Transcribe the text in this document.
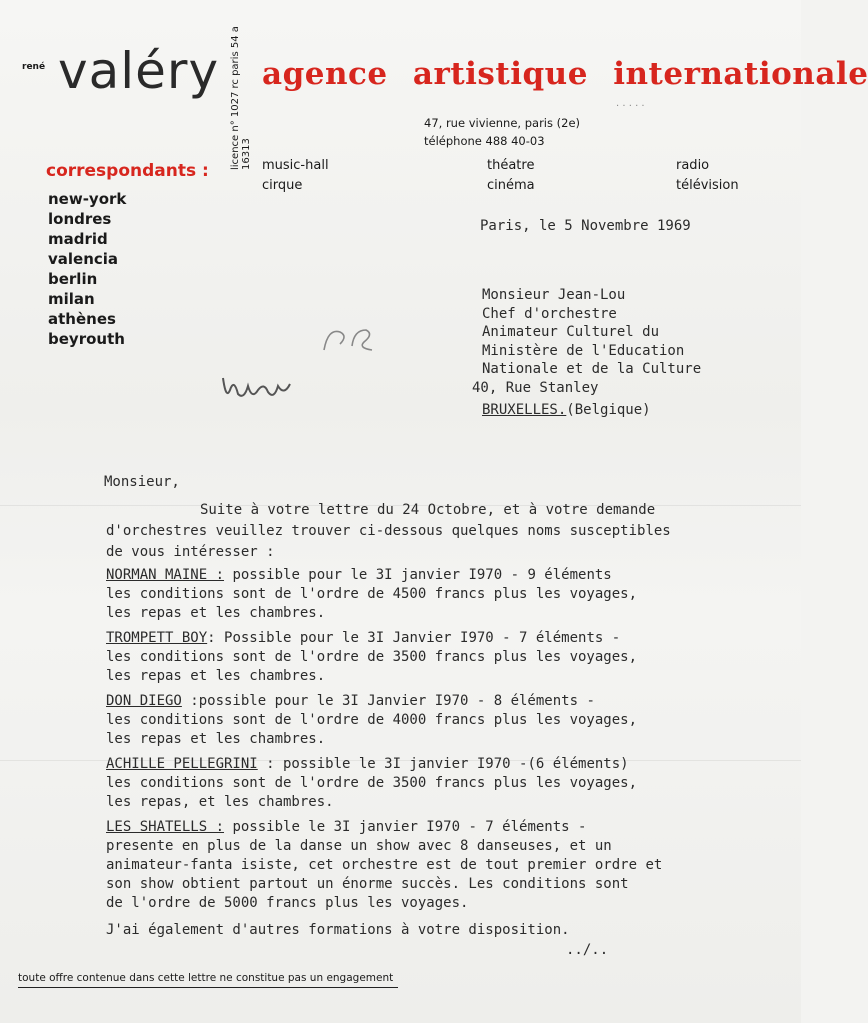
rené valéry licence n° 1027 rc paris 54 a 16313
agence artistique internationale
· · · · ·
47, rue vivienne, paris (2e)
téléphone 488 40-03
correspondants :
new-york
londres
madrid
valencia
berlin
milan
athènes
beyrouth
music-hall
cirque
théatre
cinéma
radio
télévision
Paris, le 5 Novembre 1969
Monsieur Jean-Lou
Chef d'orchestre
Animateur Culturel du
Ministère de l'Education
Nationale et de la Culture
40, Rue Stanley
BRUXELLES.(Belgique)
Monsieur,
Suite à votre lettre du 24 Octobre, et à votre demande
d'orchestres veuillez trouver ci-dessous quelques noms susceptibles
de vous intéresser :
NORMAN MAINE : possible pour le 3I janvier I970 - 9 éléments
les conditions sont de l'ordre de 4500 francs plus les voyages,
les repas et les chambres.
TROMPETT BOY: Possible pour le 3I Janvier I970 - 7 éléments -
les conditions sont de l'ordre de 3500 francs plus les voyages,
les repas et les chambres.
DON DIEGO :possible pour le 3I Janvier I970 - 8 éléments -
les conditions sont de l'ordre de 4000 francs plus les voyages,
les repas et les chambres.
ACHILLE PELLEGRINI : possible le 3I janvier I970 -(6 éléments)
les conditions sont de l'ordre de 3500 francs plus les voyages,
les repas, et les chambres.
LES SHATELLS : possible le 3I janvier I970 - 7 éléments -
presente en plus de la danse un show avec 8 danseuses, et un
animateur-fanta isiste, cet orchestre est de tout premier ordre et
son show obtient partout un énorme succès. Les conditions sont
de l'ordre de 5000 francs plus les voyages.
J'ai également d'autres formations à votre disposition.
../..
toute offre contenue dans cette lettre ne constitue pas un engagement
